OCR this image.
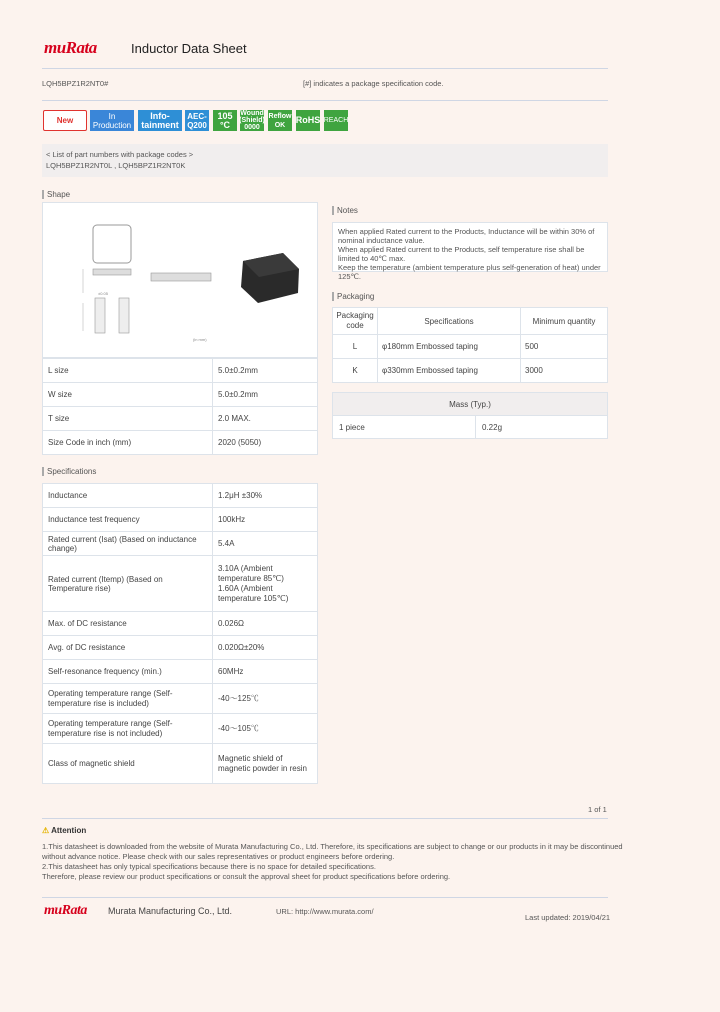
muRata	Inductor Data Sheet
LQH5BPZ1R2NT0#	[#] indicates a package specification code.
New	In Production
Info-
tainment
AEC-
Q200
105
°C
Wound
(Shield)
0000
Reflow
OK	RoHS REACH
< List of part numbers with package codes >
LQH5BPZ1R2NT0L , LQH5BPZ1R2NT0K
Shape
±0.05
(in mm)
L size	5.0±0.2mm
W size	5.0±0.2mm
T size	2.0 MAX.
Size Code in inch (mm)	2020 (5050)
Specifications
Inductance	1.2μH ±30%
Inductance test frequency	100kHz
Rated current (Isat) (Based on inductance change)	5.4A
Rated current (Itemp) (Based on Temperature rise)	3.10A (Ambient temperature 85℃)
1.60A (Ambient temperature 105℃)
Max. of DC resistance	0.026Ω
Avg. of DC resistance	0.020Ω±20%
Self-resonance frequency (min.)	60MHz
Operating temperature range (Self-temperature rise is included)	-40～125℃
Operating temperature range (Self-temperature rise is not included)	-40～105℃
Class of magnetic shield	Magnetic shield of magnetic powder in resin
Notes
When applied Rated current to the Products, Inductance will be within 30% of nominal inductance value.
When applied Rated current to the Products, self temperature rise shall be limited to 40℃ max.
Keep the temperature (ambient temperature plus self-generation of heat) under 125℃.
Packaging
Packaging code	Specifications	Minimum quantity
L	φ180mm Embossed taping	500
K	φ330mm Embossed taping	3000
Mass (Typ.)
1 piece	0.22g
1 of 1
⚠ Attention
1.This datasheet is downloaded from the website of Murata Manufacturing Co., Ltd. Therefore, its specifications are subject to change or our products in it may be discontinued
without advance notice. Please check with our sales representatives or product engineers before ordering.
2.This datasheet has only typical specifications because there is no space for detailed specifications.
Therefore, please review our product specifications or consult the approval sheet for product specifications before ordering.
muRata Murata Manufacturing Co., Ltd.	URL: http://www.murata.com/
Last updated: 2019/04/21
